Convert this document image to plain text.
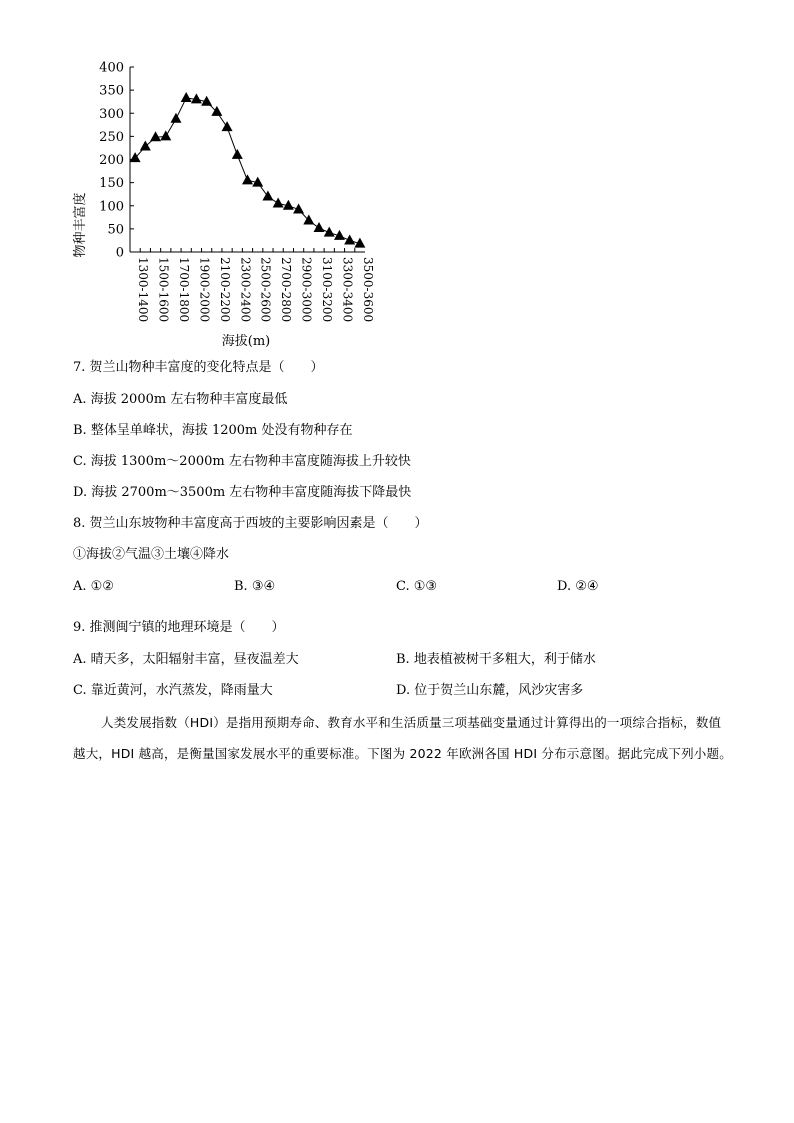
400
350
300
250
200
150
100
50
0
1300-1400 1500-1600 1700-1800 1900-2000 2100-2200 2300-2400 2500-2600 2700-2800 2900-3000 3100-3200 3300-3400 3500-3600
物种丰富度
海拔(m)
7. 贺兰山物种丰富度的变化特点是（　　）
A. 海拔 2000m 左右物种丰富度最低
B. 整体呈单峰状，海拔 1200m 处没有物种存在
C. 海拔 1300m～2000m 左右物种丰富度随海拔上升较快
D. 海拔 2700m～3500m 左右物种丰富度随海拔下降最快
8. 贺兰山东坡物种丰富度高于西坡的主要影响因素是（　　）
①海拔②气温③土壤④降水
A. ①②	B. ③④	C. ①③	D. ②④
9. 推测闽宁镇的地理环境是（　　）
A. 晴天多，太阳辐射丰富，昼夜温差大	B. 地表植被树干多粗大，利于储水
C. 靠近黄河，水汽蒸发，降雨量大	D. 位于贺兰山东麓，风沙灾害多
人类发展指数（HDI）是指用预期寿命、教育水平和生活质量三项基础变量通过计算得出的一项综合指标，数值越大，HDI 越高，是衡量国家发展水平的重要标准。下图为 2022 年欧洲各国 HDI 分布示意图。据此完成下列小题。
